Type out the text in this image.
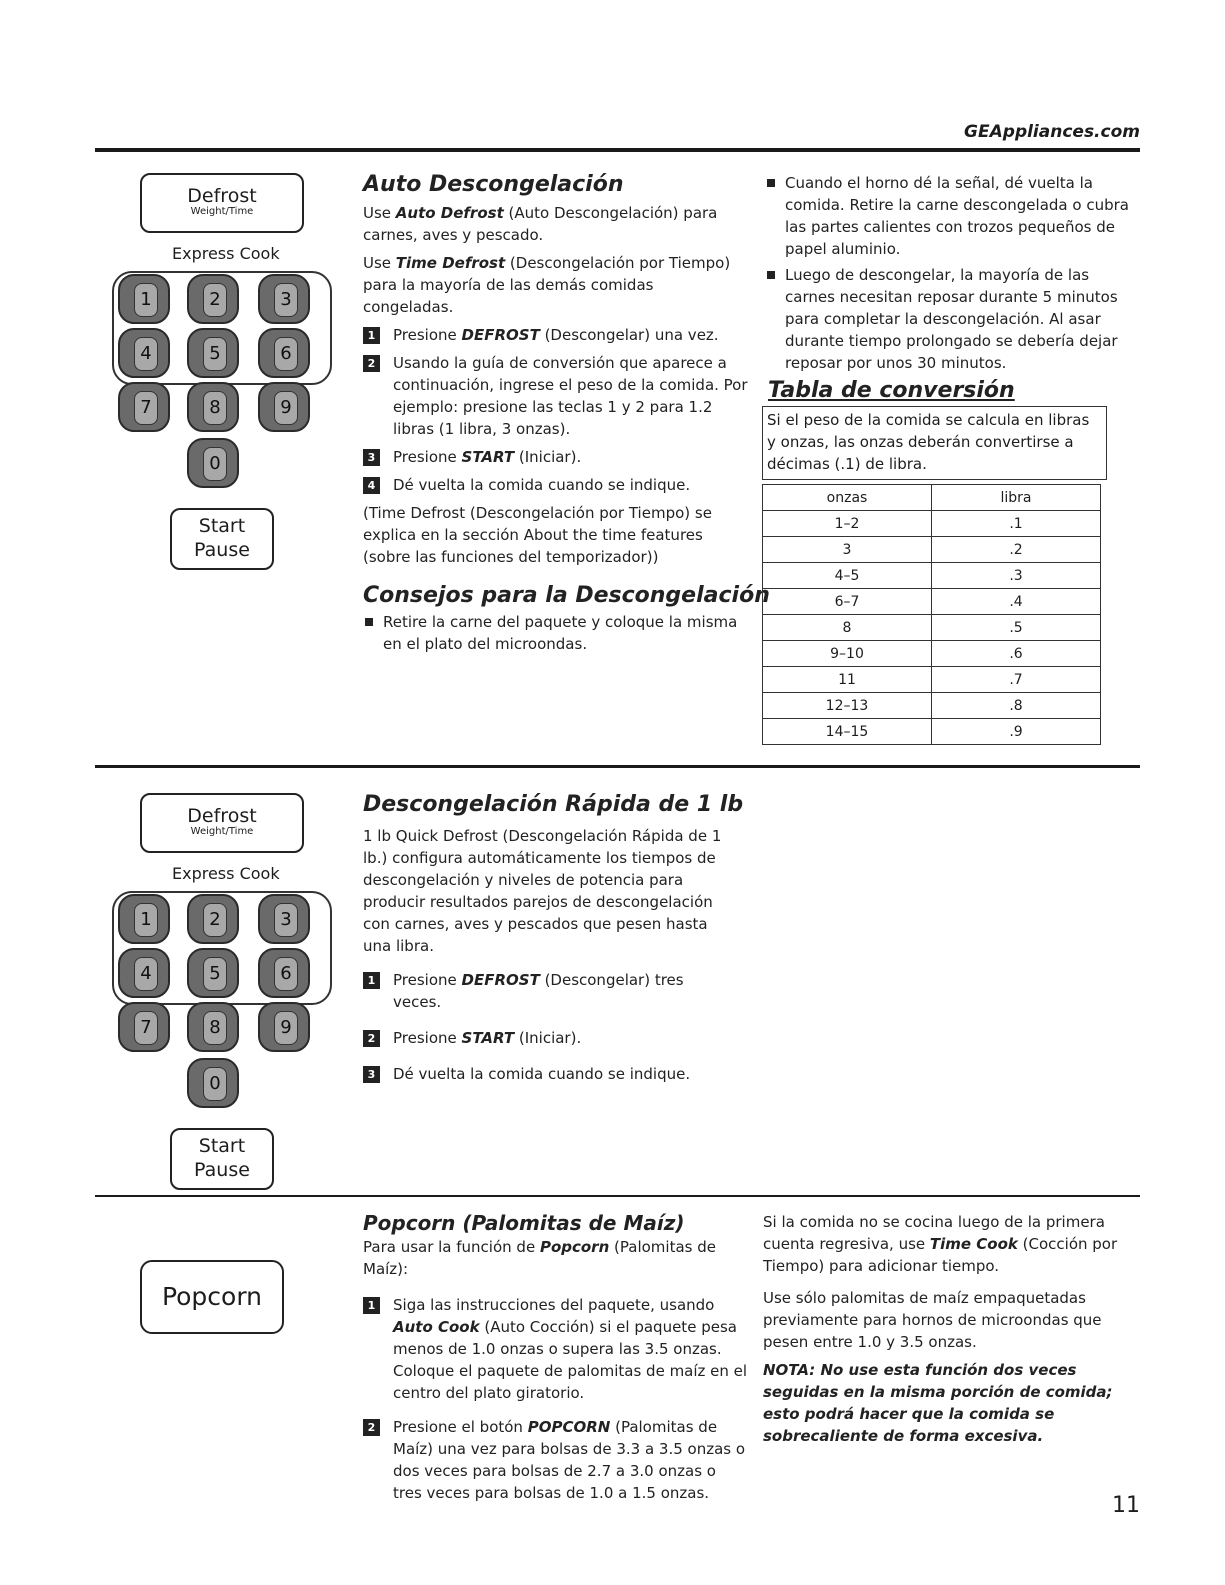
GEAppliances.com
Defrost
Weight/Time
Express Cook
1	2	3
4	5	6
7	8	9
0
Start
Pause
Auto Descongelación

Use Auto Defrost (Auto Descongelación) para carnes, aves y pescado.

Use Time Defrost (Descongelación por Tiempo) para la mayoría de las demás comidas congeladas.

1	Presione DEFROST (Descongelar) una vez.
2	Usando la guía de conversión que aparece a continuación, ingrese el peso de la comida. Por ejemplo: presione las teclas 1 y 2 para 1.2 libras (1 libra, 3 onzas).
3	Presione START (Iniciar).
4	Dé vuelta la comida cuando se indique.

(Time Defrost (Descongelación por Tiempo) se explica en la sección About the time features (sobre las funciones del temporizador))

Consejos para la Descongelación
Retire la carne del paquete y coloque la misma en el plato del microondas.
Cuando el horno dé la señal, dé vuelta la comida. Retire la carne descongelada o cubra las partes calientes con trozos pequeños de papel aluminio.
Luego de descongelar, la mayoría de las carnes necesitan reposar durante 5 minutos para completar la descongelación. Al asar durante tiempo prolongado se debería dejar reposar por unos 30 minutos.
Tabla de conversión
Si el peso de la comida se calcula en libras y onzas, las onzas deberán convertirse a décimas (.1) de libra.
onzas	libra
1–2	.1
3	.2
4–5	.3
6–7	.4
8	.5
9–10	.6
11	.7
12–13	.8
14–15	.9
Defrost
Weight/Time
Express Cook
1	2	3
4	5	6
7	8	9
0
Start
Pause
Descongelación Rápida de 1 lb

1 lb Quick Defrost (Descongelación Rápida de 1 lb.) configura automáticamente los tiempos de descongelación y niveles de potencia para producir resultados parejos de descongelación con carnes, aves y pescados que pesen hasta una libra.

1	Presione DEFROST (Descongelar) tres veces.
2	Presione START (Iniciar).
3	Dé vuelta la comida cuando se indique.
Popcorn
Popcorn (Palomitas de Maíz)

Para usar la función de Popcorn (Palomitas de Maíz):

1	Siga las instrucciones del paquete, usando Auto Cook (Auto Cocción) si el paquete pesa menos de 1.0 onzas o supera las 3.5 onzas. Coloque el paquete de palomitas de maíz en el centro del plato giratorio.
2	Presione el botón POPCORN (Palomitas de Maíz) una vez para bolsas de 3.3 a 3.5 onzas o dos veces para bolsas de 2.7 a 3.0 onzas o tres veces para bolsas de 1.0 a 1.5 onzas.

Si la comida no se cocina luego de la primera cuenta regresiva, use Time Cook (Cocción por Tiempo) para adicionar tiempo.

Use sólo palomitas de maíz empaquetadas previamente para hornos de microondas que pesen entre 1.0 y 3.5 onzas.

NOTA: No use esta función dos veces seguidas en la misma porción de comida; esto podrá hacer que la comida se sobrecaliente de forma excesiva.

11
